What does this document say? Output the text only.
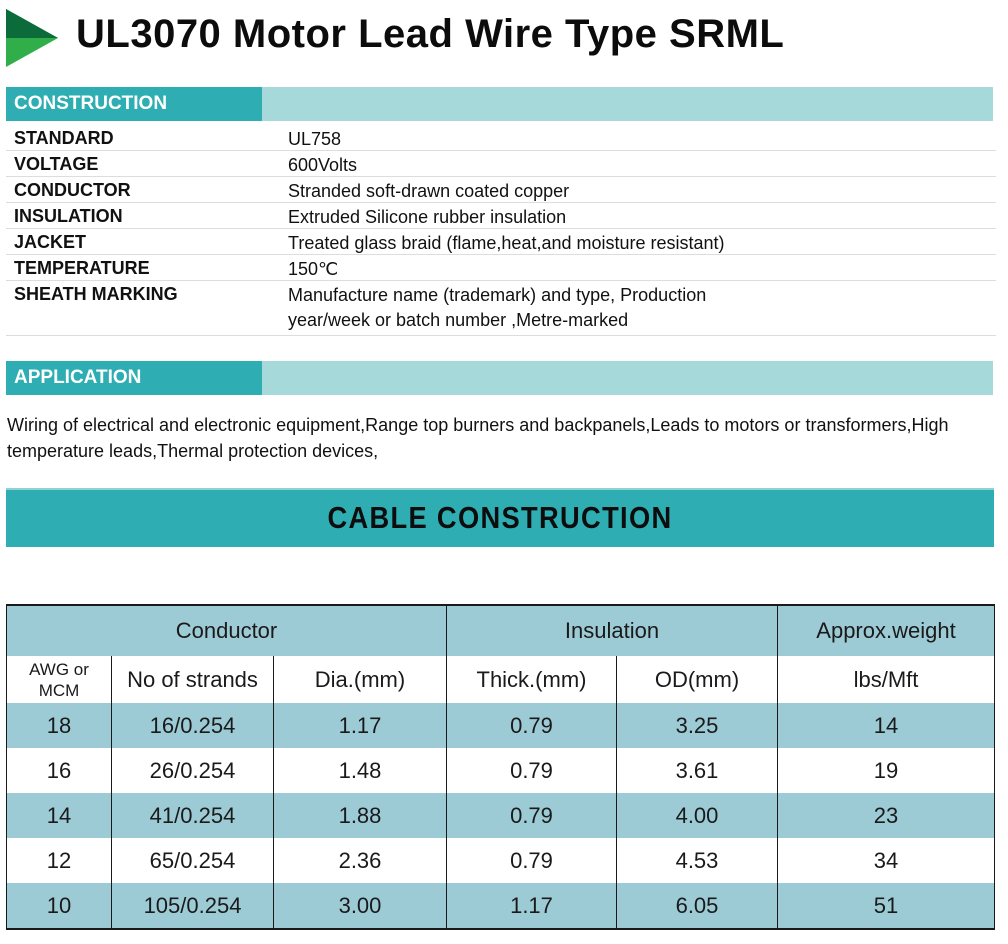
UL3070 Motor Lead Wire Type SRML
CONSTRUCTION
STANDARD	UL758
VOLTAGE	600Volts
CONDUCTOR	Stranded soft-drawn coated copper
INSULATION	Extruded Silicone rubber insulation
JACKET	Treated glass braid (flame,heat,and moisture resistant)
TEMPERATURE	150℃
SHEATH MARKING	Manufacture name (trademark) and type, Production
year/week or batch number ,Metre-marked
APPLICATION
Wiring of electrical and electronic equipment,Range top burners and backpanels,Leads to motors or transformers,High
temperature leads,Thermal protection devices,
CABLE CONSTRUCTION
Conductor			Insulation		Approx.weight
AWG or
MCM	No of strands	Dia.(mm)	Thick.(mm)	OD(mm)	lbs/Mft
18	16/0.254	1.17	0.79	3.25	14
16	26/0.254	1.48	0.79	3.61	19
14	41/0.254	1.88	0.79	4.00	23
12	65/0.254	2.36	0.79	4.53	34
10	105/0.254	3.00	1.17	6.05	51
